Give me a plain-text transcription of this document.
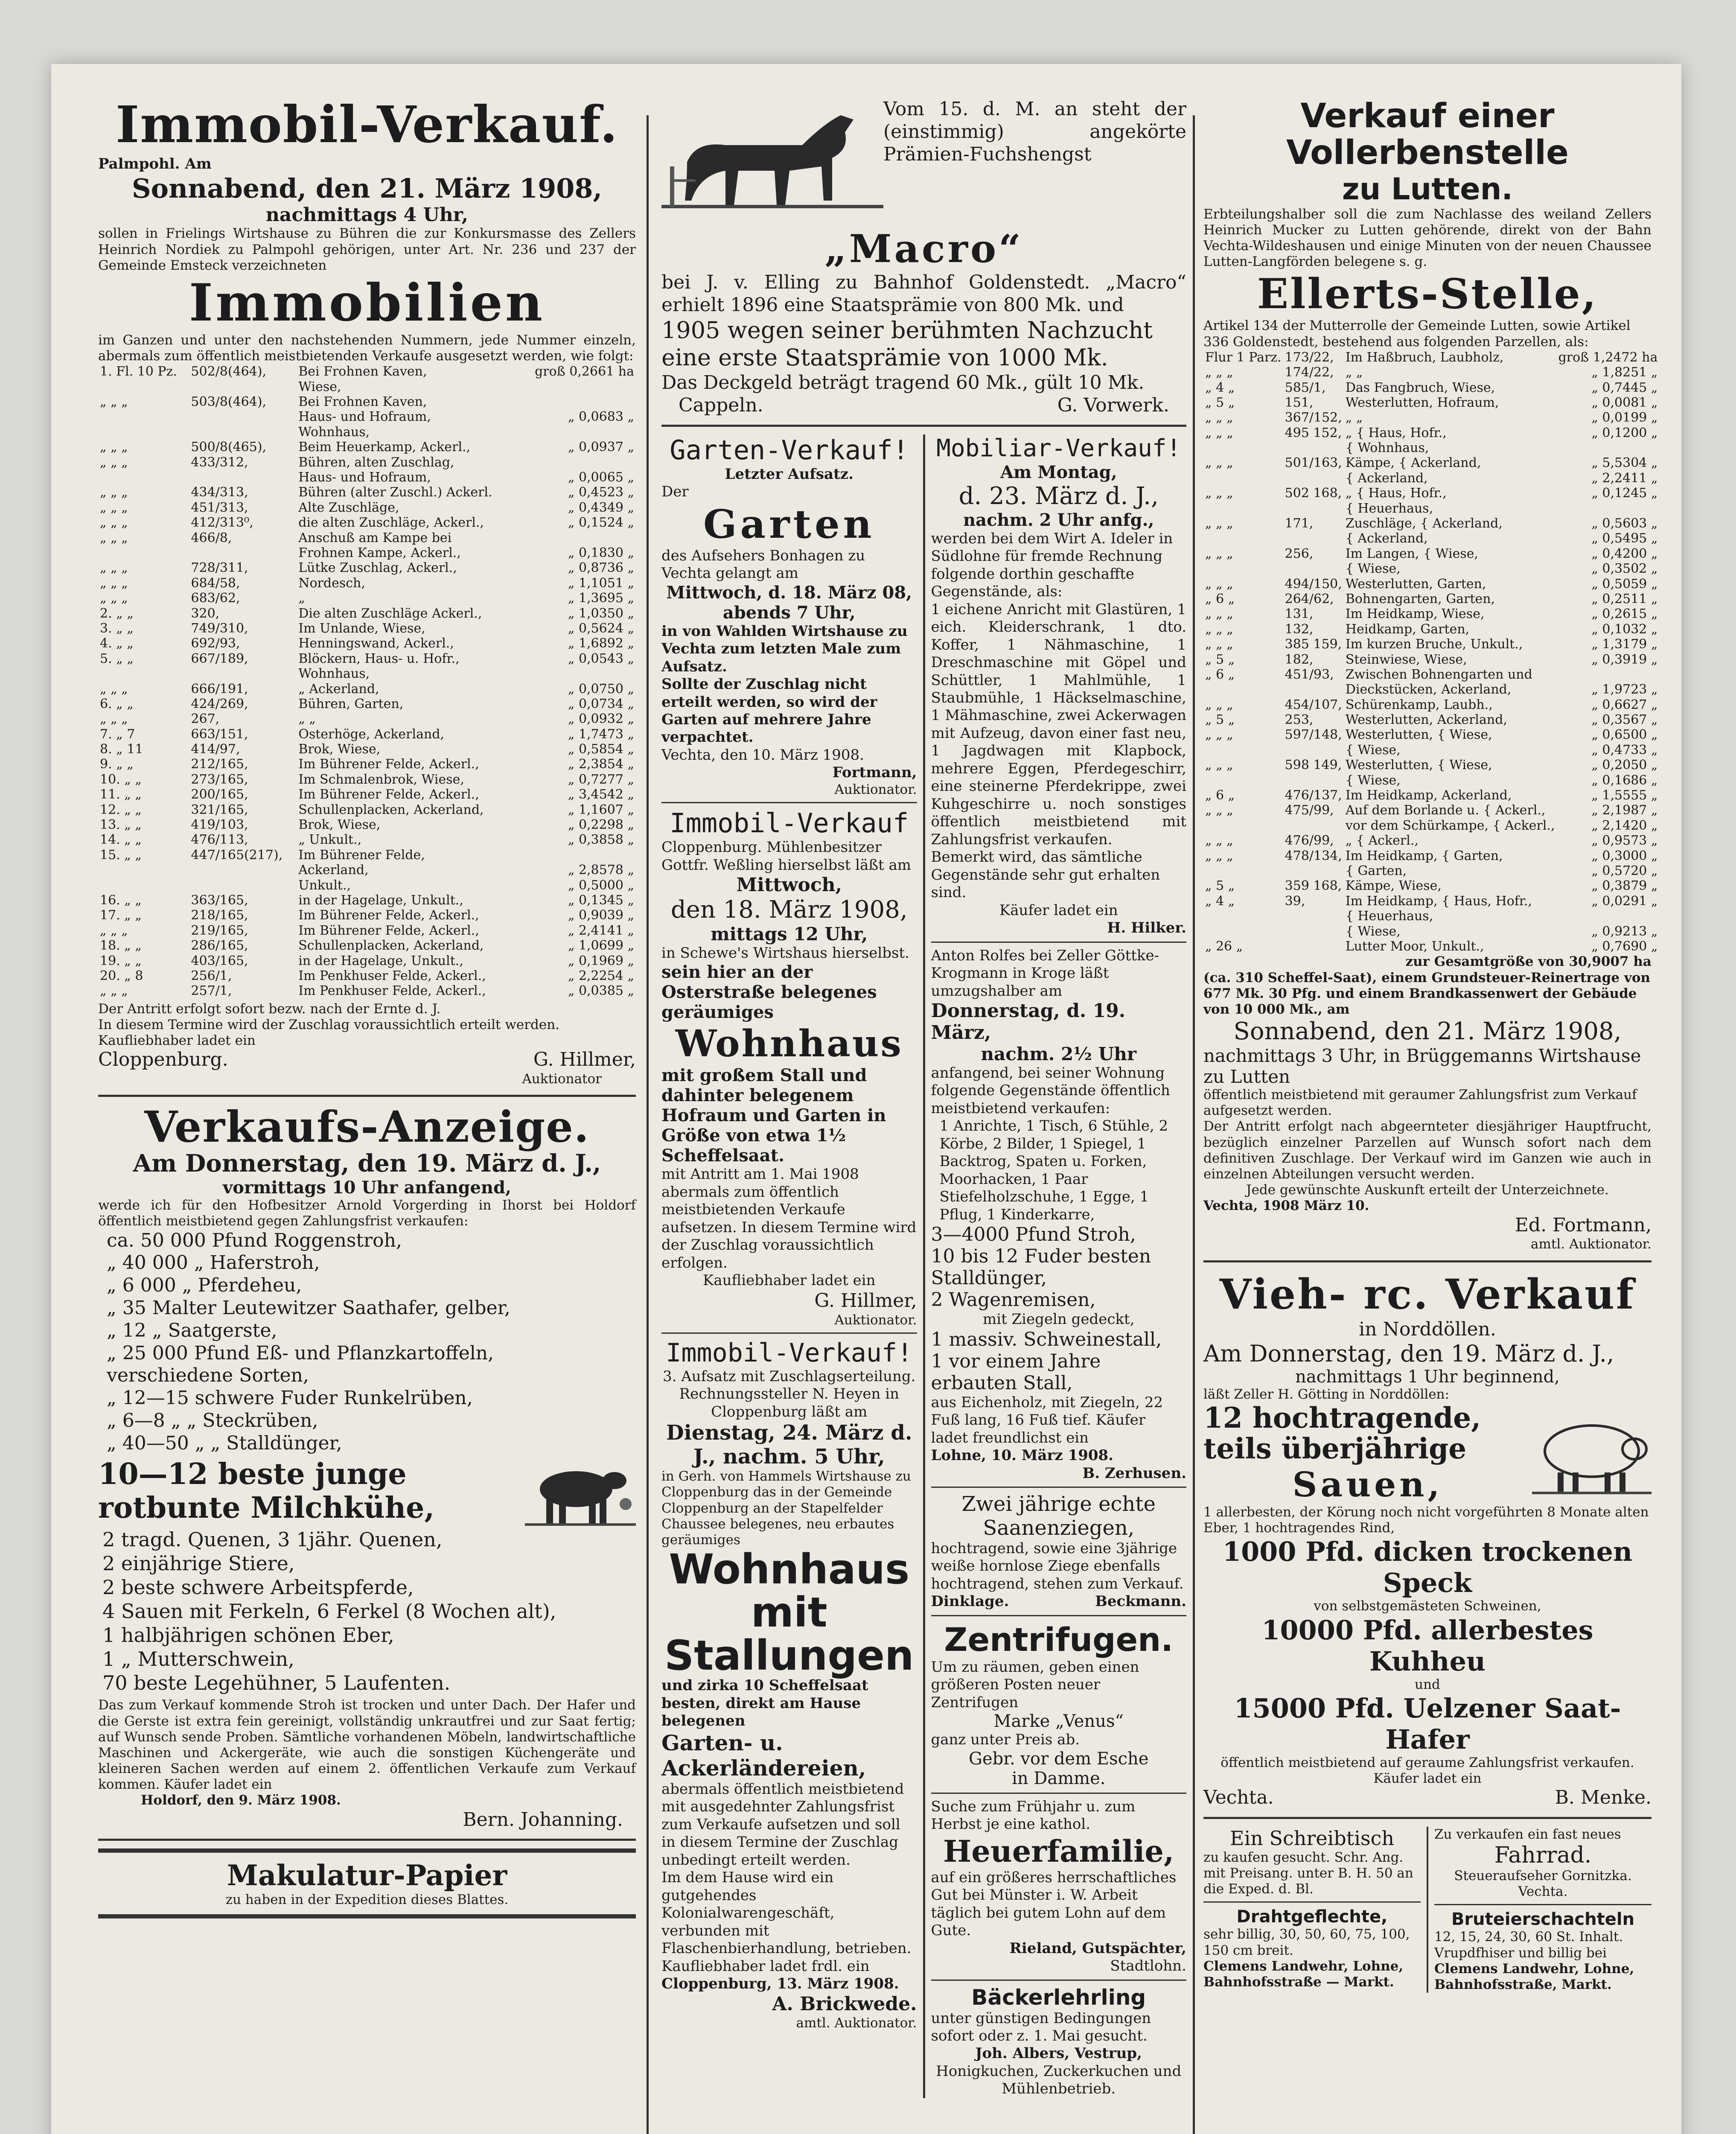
Immobil-Verkauf.
Palmpohl. Am
Sonnabend, den 21. März 1908,
nachmittags 4 Uhr,
sollen in Frielings Wirtshause zu Bühren die zur Konkursmasse des Zellers Heinrich Nordiek zu Palmpohl gehörigen, unter Art. Nr. 236 und 237 der Gemeinde Emsteck verzeichneten
Immobilien
im Ganzen und unter den nachstehenden Nummern, jede Nummer einzeln, abermals zum öffentlich meistbietenden Verkaufe ausgesetzt werden, wie folgt:
1. Fl. 10 Pz.	502/8(464),	Bei Frohnen Kaven,	groß 0,2661 ha
		Wiese,	
„ „ „	503/8(464),	Bei Frohnen Kaven,	
		Haus- und Hofraum,	„ 0,0683 „
		Wohnhaus,	
„ „ „	500/8(465),	Beim Heuerkamp, Ackerl.,	„ 0,0937 „
„ „ „	433/312,	Bühren, alten Zuschlag,	
		Haus- und Hofraum,	„ 0,0065 „
„ „ „	434/313,	Bühren (alter Zuschl.) Ackerl.	„ 0,4523 „
„ „ „	451/313,	Alte Zuschläge,	„ 0,4349 „
„ „ „	412/313⁰,	die alten Zuschläge, Ackerl.,	„ 0,1524 „
„ „ „	466/8,	Anschuß am Kampe bei	
		Frohnen Kampe, Ackerl.,	„ 0,1830 „
„ „ „	728/311,	Lütke Zuschlag, Ackerl.,	„ 0,8736 „
„ „ „	684/58,	Nordesch,	„ 1,1051 „
„ „ „	683/62,	„	„ 1,3695 „
2. „ „	320,	Die alten Zuschläge Ackerl.,	„ 1,0350 „
3. „ „	749/310,	Im Unlande, Wiese,	„ 0,5624 „
4. „ „	692/93,	Henningswand, Ackerl.,	„ 1,6892 „
5. „ „	667/189,	Blöckern, Haus- u. Hofr.,	„ 0,0543 „
		Wohnhaus,	
„ „ „	666/191,	„ Ackerland,	„ 0,0750 „
6. „ „	424/269,	Bühren, Garten,	„ 0,0734 „
„ „ „	267,	„ „	„ 0,0932 „
7. „ 7	663/151,	Osterhöge, Ackerland,	„ 1,7473 „
8. „ 11	414/97,	Brok, Wiese,	„ 0,5854 „
9. „ „	212/165,	Im Bührener Felde, Ackerl.,	„ 2,3854 „
10. „ „	273/165,	Im Schmalenbrok, Wiese,	„ 0,7277 „
11. „ „	200/165,	Im Bührener Felde, Ackerl.,	„ 3,4542 „
12. „ „	321/165,	Schullenplacken, Ackerland,	„ 1,1607 „
13. „ „	419/103,	Brok, Wiese,	„ 0,2298 „
14. „ „	476/113,	„ Unkult.,	„ 0,3858 „
15. „ „	447/165(217),	Im Bührener Felde,	
		Ackerland,	„ 2,8578 „
		Unkult.,	„ 0,5000 „
16. „ „	363/165,	in der Hagelage, Unkult.,	„ 0,1345 „
17. „ „	218/165,	Im Bührener Felde, Ackerl.,	„ 0,9039 „
„ „ „	219/165,	Im Bührener Felde, Ackerl.,	„ 2,4141 „
18. „ „	286/165,	Schullenplacken, Ackerland,	„ 1,0699 „
19. „ „	403/165,	in der Hagelage, Unkult.,	„ 0,1969 „
20. „ 8	256/1,	Im Penkhuser Felde, Ackerl.,	„ 2,2254 „
„ „ „	257/1,	Im Penkhuser Felde, Ackerl.,	„ 0,0385 „
Der Antritt erfolgt sofort bezw. nach der Ernte d. J.
In diesem Termine wird der Zuschlag voraussichtlich erteilt werden.
Kaufliebhaber ladet ein
Cloppenburg.	G. Hillmer,
Auktionator
Verkaufs-Anzeige.
Am Donnerstag, den 19. März d. J.,
vormittags 10 Uhr anfangend,
werde ich für den Hofbesitzer Arnold Vorgerding in Ihorst bei Holdorf öffentlich meistbietend gegen Zahlungsfrist verkaufen:
ca. 50 000 Pfund Roggenstroh,
„ 40 000 „ Haferstroh,
„ 6 000 „ Pferdeheu,
„ 35 Malter Leutewitzer Saathafer, gelber,
„ 12 „ Saatgerste,
„ 25 000 Pfund Eß- und Pflanzkartoffeln,
verschiedene Sorten,
„ 12—15 schwere Fuder Runkelrüben,
„ 6—8 „ „ Steckrüben,
„ 40—50 „ „ Stalldünger,
10—12 beste junge rotbunte Milchkühe,
2 tragd. Quenen, 3 1jähr. Quenen,
2 einjährige Stiere,
2 beste schwere Arbeitspferde,
4 Sauen mit Ferkeln, 6 Ferkel (8 Wochen alt),
1 halbjährigen schönen Eber,
1 „ Mutterschwein,
70 beste Legehühner, 5 Laufenten.
Das zum Verkauf kommende Stroh ist trocken und unter Dach. Der Hafer und die Gerste ist extra fein gereinigt, vollständig unkrautfrei und zur Saat fertig; auf Wunsch sende Proben. Sämtliche vorhandenen Möbeln, landwirtschaftliche Maschinen und Ackergeräte, wie auch die sonstigen Küchengeräte und kleineren Sachen werden auf einem 2. öffentlichen Verkaufe zum Verkauf kommen. Käufer ladet ein
Holdorf, den 9. März 1908.
Bern. Johanning.
Makulatur-Papier
zu haben in der Expedition dieses Blattes.
Vom 15. d. M. an steht der (einstimmig) angekörte Prämien-Fuchshengst
„Macro“
bei J. v. Elling zu Bahnhof Goldenstedt. „Macro“ erhielt 1896 eine Staatsprämie von 800 Mk. und
1905 wegen seiner berühmten Nachzucht eine erste Staatsprämie von 1000 Mk.
Das Deckgeld beträgt tragend 60 Mk., gült 10 Mk.
Cappeln.	G. Vorwerk.
Garten-Verkauf!
Letzter Aufsatz.
Der
Garten
des Aufsehers Bonhagen zu Vechta gelangt am
Mittwoch, d. 18. März 08,
abends 7 Uhr,
in von Wahlden Wirtshause zu Vechta zum letzten Male zum Aufsatz.
Sollte der Zuschlag nicht erteilt werden, so wird der Garten auf mehrere Jahre verpachtet.
Vechta, den 10. März 1908.
Fortmann,
Auktionator.
Immobil-Verkauf
Cloppenburg. Mühlenbesitzer Gottfr. Weßling hierselbst läßt am
Mittwoch,
den 18. März 1908,
mittags 12 Uhr,
in Schewe's Wirtshaus hierselbst.
sein hier an der Osterstraße belegenes geräumiges
Wohnhaus
mit großem Stall und dahinter belegenem Hofraum und Garten in Größe von etwa 1½ Scheffelsaat.
mit Antritt am 1. Mai 1908 abermals zum öffentlich meistbietenden Verkaufe aufsetzen. In diesem Termine wird der Zuschlag voraussichtlich erfolgen.
Kaufliebhaber ladet ein
G. Hillmer,
Auktionator.
Immobil-Verkauf!
3. Aufsatz mit Zuschlagserteilung.
Rechnungssteller N. Heyen in Cloppenburg läßt am
Dienstag, 24. März d. J., nachm. 5 Uhr,
in Gerh. von Hammels Wirtshause zu Cloppenburg das in der Gemeinde Cloppenburg an der Stapelfelder Chaussee belegenes, neu erbautes geräumiges
Wohnhaus
mit Stallungen
und zirka 10 Scheffelsaat besten, direkt am Hause belegenen
Garten- u. Ackerländereien,
abermals öffentlich meistbietend mit ausgedehnter Zahlungsfrist zum Verkaufe aufsetzen und soll in diesem Termine der Zuschlag unbedingt erteilt werden.
Im dem Hause wird ein gutgehendes Kolonialwarengeschäft, verbunden mit Flaschenbierhandlung, betrieben.
Kaufliebhaber ladet frdl. ein
Cloppenburg, 13. März 1908.
A. Brickwede.
amtl. Auktionator.
Mobiliar-Verkauf!
Am Montag,
d. 23. März d. J.,
nachm. 2 Uhr anfg.,
werden bei dem Wirt A. Ideler in Südlohne für fremde Rechnung folgende dorthin geschaffte Gegenstände, als:
1 eichene Anricht mit Glastüren, 1 eich. Kleiderschrank, 1 dto. Koffer, 1 Nähmaschine, 1 Dreschmaschine mit Göpel und Schüttler, 1 Mahlmühle, 1 Staubmühle, 1 Häckselmaschine, 1 Mähmaschine, zwei Ackerwagen mit Aufzeug, davon einer fast neu, 1 Jagdwagen mit Klapbock, mehrere Eggen, Pferdegeschirr, eine steinerne Pferdekrippe, zwei Kuhgeschirre u. noch sonstiges öffentlich meistbietend mit Zahlungsfrist verkaufen.
Bemerkt wird, das sämtliche Gegenstände sehr gut erhalten sind.
Käufer ladet ein
H. Hilker.
Anton Rolfes bei Zeller Göttke-Krogmann in Kroge läßt umzugshalber am
Donnerstag, d. 19. März,
nachm. 2½ Uhr
anfangend, bei seiner Wohnung folgende Gegenstände öffentlich meistbietend verkaufen:
1 Anrichte, 1 Tisch, 6 Stühle, 2 Körbe, 2 Bilder, 1 Spiegel, 1 Backtrog, Spaten u. Forken, Moorhacken, 1 Paar Stiefelholzschuhe, 1 Egge, 1 Pflug, 1 Kinderkarre,
3—4000 Pfund Stroh,
10 bis 12 Fuder besten Stalldünger,
2 Wagenremisen,
mit Ziegeln gedeckt,
1 massiv. Schweinestall,
1 vor einem Jahre erbauten Stall,
aus Eichenholz, mit Ziegeln, 22 Fuß lang, 16 Fuß tief. Käufer ladet freundlichst ein
Lohne, 10. März 1908.
B. Zerhusen.
Zwei jährige echte Saanenziegen,
hochtragend, sowie eine 3jährige weiße hornlose Ziege ebenfalls hochtragend, stehen zum Verkauf.
Dinklage.	Beckmann.
Zentrifugen.
Um zu räumen, geben einen größeren Posten neuer Zentrifugen
Marke „Venus“
ganz unter Preis ab.
Gebr. vor dem Esche
in Damme.
Suche zum Frühjahr u. zum Herbst je eine kathol.
Heuerfamilie,
auf ein größeres herrschaftliches Gut bei Münster i. W. Arbeit täglich bei gutem Lohn auf dem Gute.
Rieland, Gutspächter,
Stadtlohn.
Bäckerlehrling
unter günstigen Bedingungen sofort oder z. 1. Mai gesucht.
Joh. Albers, Vestrup,
Honigkuchen, Zuckerkuchen und Mühlenbetrieb.
Verkauf einer Vollerbenstelle
zu Lutten.
Erbteilungshalber soll die zum Nachlasse des weiland Zellers Heinrich Mucker zu Lutten gehörende, direkt von der Bahn Vechta-Wildeshausen und einige Minuten von der neuen Chaussee Lutten-Langförden belegene s. g.
Ellerts-Stelle,
Artikel 134 der Mutterrolle der Gemeinde Lutten, sowie Artikel 336 Goldenstedt, bestehend aus folgenden Parzellen, als:
Flur 1 Parz.	173/22,	Im Haßbruch, Laubholz,	groß 1,2472 ha
„ „ „	174/22,	„ „	„ 1,8251 „
„ 4 „	585/1,	Das Fangbruch, Wiese,	„ 0,7445 „
„ 5 „	151,	Westerlutten, Hofraum,	„ 0,0081 „
„ „ „	367/152,	„ „	„ 0,0199 „
„ „ „	495 152,	„ { Haus, Hofr.,	„ 0,1200 „
		{ Wohnhaus,	
„ „ „	501/163,	Kämpe, { Ackerland,	„ 5,5304 „
		{ Ackerland,	„ 2,2411 „
„ „ „	502 168,	„ { Haus, Hofr.,	„ 0,1245 „
		{ Heuerhaus,	
„ „ „	171,	Zuschläge, { Ackerland,	„ 0,5603 „
		{ Ackerland,	„ 0,5495 „
„ „ „	256,	Im Langen, { Wiese,	„ 0,4200 „
		{ Wiese,	„ 0,3502 „
„ „ „	494/150,	Westerlutten, Garten,	„ 0,5059 „
„ 6 „	264/62,	Bohnengarten, Garten,	„ 0,2511 „
„ „ „	131,	Im Heidkamp, Wiese,	„ 0,2615 „
„ „ „	132,	Heidkamp, Garten,	„ 0,1032 „
„ „ „	385 159,	Im kurzen Bruche, Unkult.,	„ 1,3179 „
„ 5 „	182,	Steinwiese, Wiese,	„ 0,3919 „
„ 6 „	451/93,	Zwischen Bohnengarten und	
		Dieckstücken, Ackerland,	„ 1,9723 „
„ „ „	454/107,	Schürenkamp, Laubh.,	„ 0,6627 „
„ 5 „	253,	Westerlutten, Ackerland,	„ 0,3567 „
„ „ „	597/148,	Westerlutten, { Wiese,	„ 0,6500 „
		{ Wiese,	„ 0,4733 „
„ „ „	598 149,	Westerlutten, { Wiese,	„ 0,2050 „
		{ Wiese,	„ 0,1686 „
„ 6 „	476/137,	Im Heidkamp, Ackerland,	„ 1,5555 „
„ „ „	475/99,	Auf dem Borlande u. { Ackerl.,	„ 2,1987 „
		vor dem Schürkampe, { Ackerl.,	„ 2,1420 „
„ „ „	476/99,	„ { Ackerl.,	„ 0,9573 „
„ „ „	478/134,	Im Heidkamp, { Garten,	„ 0,3000 „
		{ Garten,	„ 0,5720 „
„ 5 „	359 168,	Kämpe, Wiese,	„ 0,3879 „
„ 4 „	39,	Im Heidkamp, { Haus, Hofr.,	„ 0,0291 „
		{ Heuerhaus,	
		{ Wiese,	„ 0,9213 „
„ 26 „		Lutter Moor, Unkult.,	„ 0,7690 „
zur Gesamtgröße von 30,9007 ha
(ca. 310 Scheffel-Saat), einem Grundsteuer-Reinertrage von 677 Mk. 30 Pfg. und einem Brandkassenwert der Gebäude von 10 000 Mk., am
Sonnabend, den 21. März 1908,
nachmittags 3 Uhr, in Brüggemanns Wirtshause zu Lutten
öffentlich meistbietend mit geraumer Zahlungsfrist zum Verkauf aufgesetzt werden.
Der Antritt erfolgt nach abgeernteter diesjähriger Hauptfrucht, bezüglich einzelner Parzellen auf Wunsch sofort nach dem definitiven Zuschlage. Der Verkauf wird im Ganzen wie auch in einzelnen Abteilungen versucht werden.
Jede gewünschte Auskunft erteilt der Unterzeichnete.
Vechta, 1908 März 10.
Ed. Fortmann,
amtl. Auktionator.
Vieh- rc. Verkauf
in Norddöllen.
Am Donnerstag, den 19. März d. J.,
nachmittags 1 Uhr beginnend,
läßt Zeller H. Götting in Norddöllen:
12 hochtragende, teils überjährige
Sauen,
1 allerbesten, der Körung noch nicht vorgeführten 8 Monate alten Eber, 1 hochtragendes Rind,
1000 Pfd. dicken trockenen Speck
von selbstgemästeten Schweinen,
10000 Pfd. allerbestes Kuhheu
und
15000 Pfd. Uelzener Saat-Hafer
öffentlich meistbietend auf geraume Zahlungsfrist verkaufen. Käufer ladet ein
Vechta.	B. Menke.
Ein Schreibtisch
zu kaufen gesucht. Schr. Ang. mit Preisang. unter B. H. 50 an die Exped. d. Bl.
Drahtgeflechte,
sehr billig, 30, 50, 60, 75, 100, 150 cm breit.
Clemens Landwehr, Lohne, Bahnhofsstraße — Markt.
Zu verkaufen ein fast neues
Fahrrad.
Steueraufseher Gornitzka.
Vechta.
Bruteierschachteln
12, 15, 24, 30, 60 St. Inhalt. Vrupdfhiser und billig bei
Clemens Landwehr, Lohne, Bahnhofsstraße, Markt.
